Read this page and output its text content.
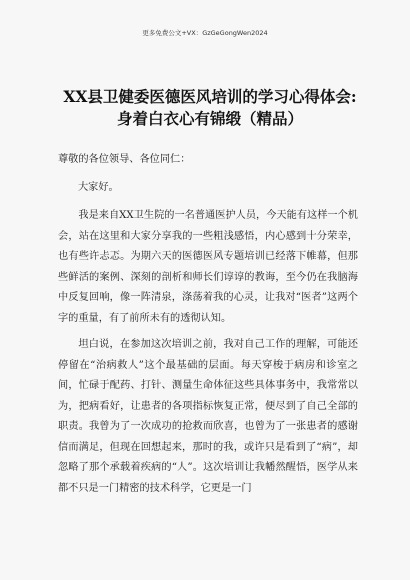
更多免费公文+VX：GzGeGongWen2024
XX县卫健委医德医风培训的学习心得体会:身着白衣心有锦缎（精品）

尊敬的各位领导、各位同仁：

大家好。

我是来自XX卫生院的一名普通医护人员，今天能有这样一个机会，站在这里和大家分享我的一些粗浅感悟，内心感到十分荣幸，也有些许忐忑。为期六天的医德医风专题培训已经落下帷幕，但那些鲜活的案例、深刻的剖析和师长们谆谆的教诲，至今仍在我脑海中反复回响，像一阵清泉，涤荡着我的心灵，让我对“医者”这两个字的重量，有了前所未有的透彻认知。

坦白说，在参加这次培训之前，我对自己工作的理解，可能还停留在“治病救人”这个最基础的层面。每天穿梭于病房和诊室之间，忙碌于配药、打针、测量生命体征这些具体事务中，我常常以为，把病看好，让患者的各项指标恢复正常，便尽到了自己全部的职责。我曾为了一次成功的抢救而欣喜，也曾为了一张患者的感谢信而满足，但现在回想起来，那时的我，或许只是看到了“病”，却忽略了那个承载着疾病的“人”。这次培训让我幡然醒悟，医学从来都不只是一门精密的技术科学，它更是一门
